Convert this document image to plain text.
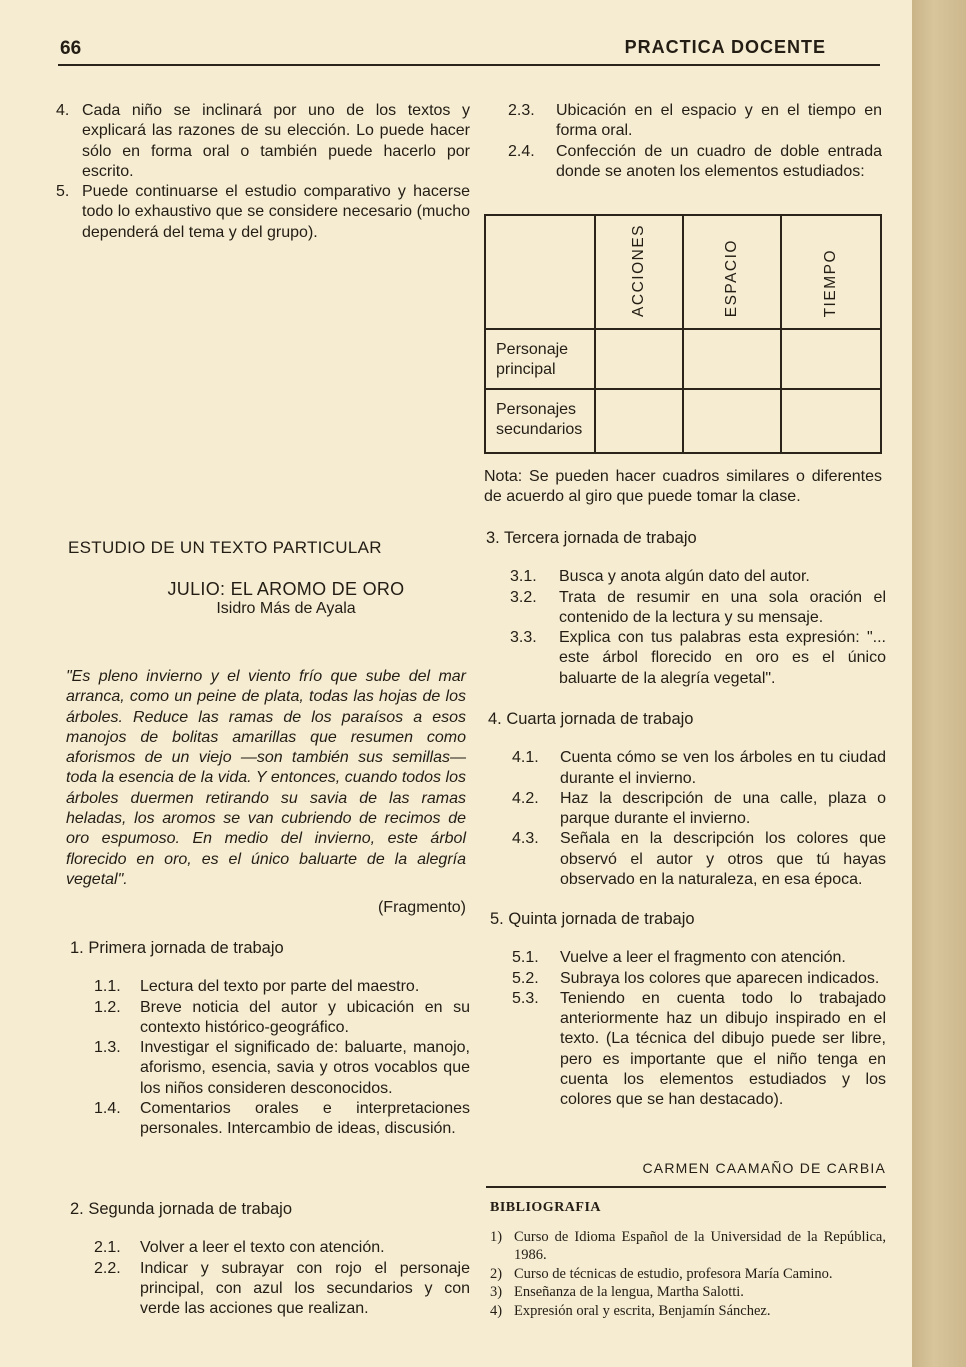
66	PRACTICA DOCENTE
4. Cada niño se inclinará por uno de los textos y explicará las razones de su elección. Lo puede hacer sólo en forma oral o también puede hacerlo por escrito.
5. Puede continuarse el estudio comparativo y hacerse todo lo exhaustivo que se considere necesario (mucho dependerá del tema y del grupo).
ESTUDIO DE UN TEXTO PARTICULAR
JULIO: EL AROMO DE ORO
Isidro Más de Ayala
"Es pleno invierno y el viento frío que sube del mar arranca, como un peine de plata, todas las hojas de los árboles. Reduce las ramas de los paraísos a esos manojos de bolitas amarillas que resumen como aforismos de un viejo —son también sus semillas— toda la esencia de la vida. Y entonces, cuando todos los árboles duermen retirando su savia de las ramas heladas, los aromos se van cubriendo de recimos de oro espumoso. En medio del invierno, este árbol florecido en oro, es el único baluarte de la alegría vegetal".
(Fragmento)
1. Primera jornada de trabajo
1.1.	Lectura del texto por parte del maestro.
1.2.	Breve noticia del autor y ubicación en su contexto histórico-geográfico.
1.3.	Investigar el significado de: baluarte, manojo, aforismo, esencia, savia y otros vocablos que los niños consideren desconocidos.
1.4.	Comentarios orales e interpretaciones personales. Intercambio de ideas, discusión.
2. Segunda jornada de trabajo
2.1.	Volver a leer el texto con atención.
2.2.	Indicar y subrayar con rojo el personaje principal, con azul los secundarios y con verde las acciones que realizan.
2.3.	Ubicación en el espacio y en el tiempo en forma oral.
2.4.	Confección de un cuadro de doble entrada donde se anoten los elementos estudiados:
	ACCIONES	ESPACIO	TIEMPO
Personaje principal			
Personajes secundarios			
Nota: Se pueden hacer cuadros similares o diferentes de acuerdo al giro que puede tomar la clase.
3. Tercera jornada de trabajo
3.1.	Busca y anota algún dato del autor.
3.2.	Trata de resumir en una sola oración el contenido de la lectura y su mensaje.
3.3.	Explica con tus palabras esta expresión: "... este árbol florecido en oro es el único baluarte de la alegría vegetal".
4. Cuarta jornada de trabajo
4.1.	Cuenta cómo se ven los árboles en tu ciudad durante el invierno.
4.2.	Haz la descripción de una calle, plaza o parque durante el invierno.
4.3.	Señala en la descripción los colores que observó el autor y otros que tú hayas observado en la naturaleza, en esa época.
5. Quinta jornada de trabajo
5.1.	Vuelve a leer el fragmento con atención.
5.2.	Subraya los colores que aparecen indicados.
5.3.	Teniendo en cuenta todo lo trabajado anteriormente haz un dibujo inspirado en el texto. (La técnica del dibujo puede ser libre, pero es importante que el niño tenga en cuenta los elementos estudiados y los colores que se han destacado).
CARMEN CAAMAÑO DE CARBIA
BIBLIOGRAFIA
1) Curso de Idioma Español de la Universidad de la República, 1986.
2) Curso de técnicas de estudio, profesora María Camino.
3) Enseñanza de la lengua, Martha Salotti.
4) Expresión oral y escrita, Benjamín Sánchez.
